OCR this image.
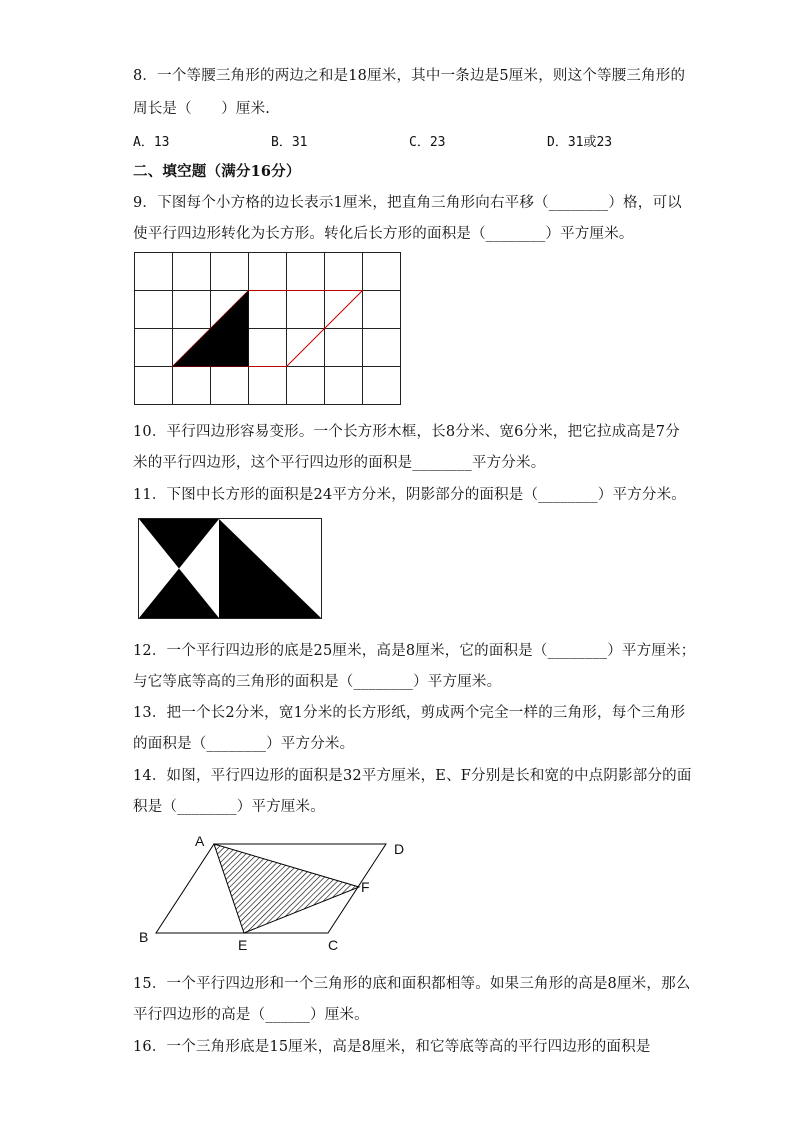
8．一个等腰三角形的两边之和是18厘米，其中一条边是5厘米，则这个等腰三角形的
周长是（　　）厘米.
A．13	B．31	C．23	D．31或23
二、填空题（满分16分）
9．下图每个小方格的边长表示1厘米，把直角三角形向右平移（________）格，可以
使平行四边形转化为长方形。转化后长方形的面积是（________）平方厘米。
10．平行四边形容易变形。一个长方形木框，长8分米、宽6分米，把它拉成高是7分
米的平行四边形，这个平行四边形的面积是________平方分米。
11．下图中长方形的面积是24平方分米，阴影部分的面积是（________）平方分米。
12．一个平行四边形的底是25厘米，高是8厘米，它的面积是（________）平方厘米；
与它等底等高的三角形的面积是（________）平方厘米。
13．把一个长2分米，宽1分米的长方形纸，剪成两个完全一样的三角形，每个三角形
的面积是（________）平方分米。
14．如图，平行四边形的面积是32平方厘米，E、F分别是长和宽的中点阴影部分的面
积是（________）平方厘米。
A	D
F
B	E	C
15．一个平行四边形和一个三角形的底和面积都相等。如果三角形的高是8厘米，那么
平行四边形的高是（______）厘米。
16．一个三角形底是15厘米，高是8厘米，和它等底等高的平行四边形的面积是
